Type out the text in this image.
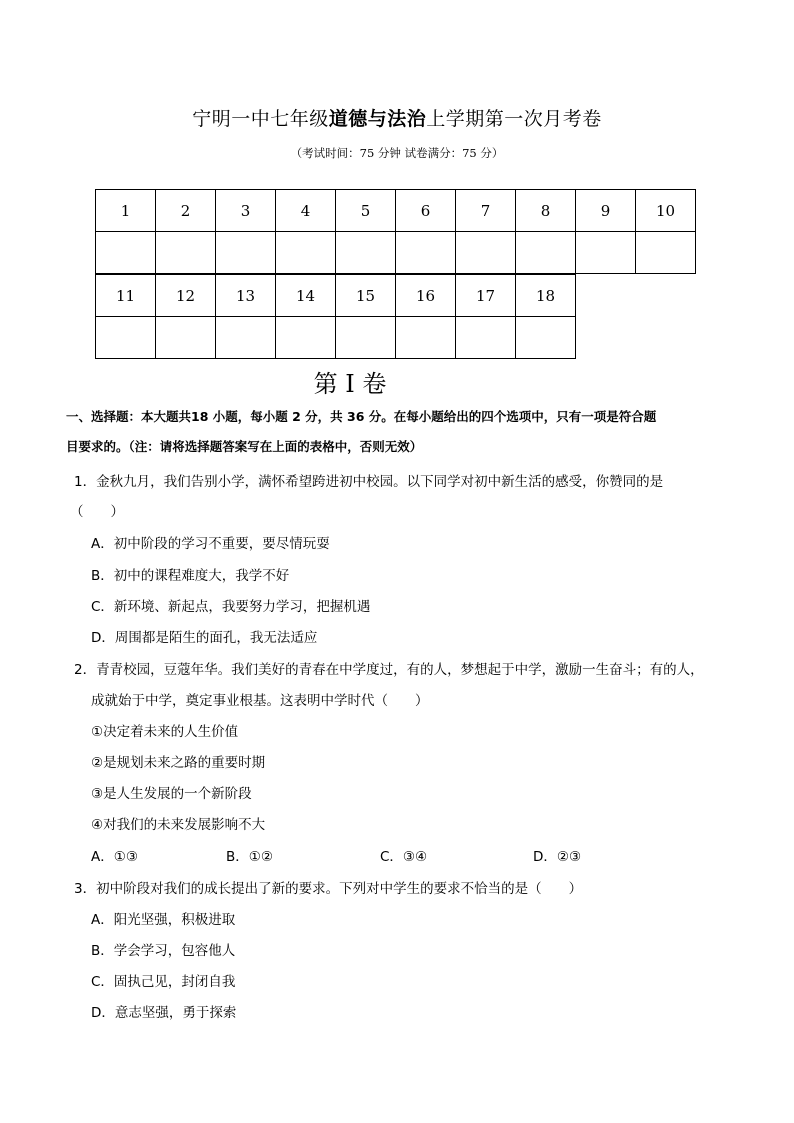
宁明一中七年级道德与法治上学期第一次月考卷
（考试时间：75 分钟 试卷满分：75 分）
1	2	3	4	5	6	7	8	9	10

11	12	13	14	15	16	17	18

第 I 卷
一、选择题：本大题共18 小题，每小题 2 分，共 36 分。在每小题给出的四个选项中，只有一项是符合题
目要求的。（注：请将选择题答案写在上面的表格中，否则无效）
1．金秋九月，我们告别小学，满怀希望跨进初中校园。以下同学对初中新生活的感受，你赞同的是
（　　）
A．初中阶段的学习不重要，要尽情玩耍
B．初中的课程难度大，我学不好
C．新环境、新起点，我要努力学习，把握机遇
D．周围都是陌生的面孔，我无法适应
2．青青校园，豆蔻年华。我们美好的青春在中学度过，有的人，梦想起于中学，激励一生奋斗；有的人，
成就始于中学，奠定事业根基。这表明中学时代（　　）
①决定着未来的人生价值
②是规划未来之路的重要时期
③是人生发展的一个新阶段
④对我们的未来发展影响不大
A．①③	B．①②	C．③④	D．②③
3．初中阶段对我们的成长提出了新的要求。下列对中学生的要求不恰当的是（　　）
A．阳光坚强，积极进取
B．学会学习，包容他人
C．固执己见，封闭自我
D．意志坚强，勇于探索
